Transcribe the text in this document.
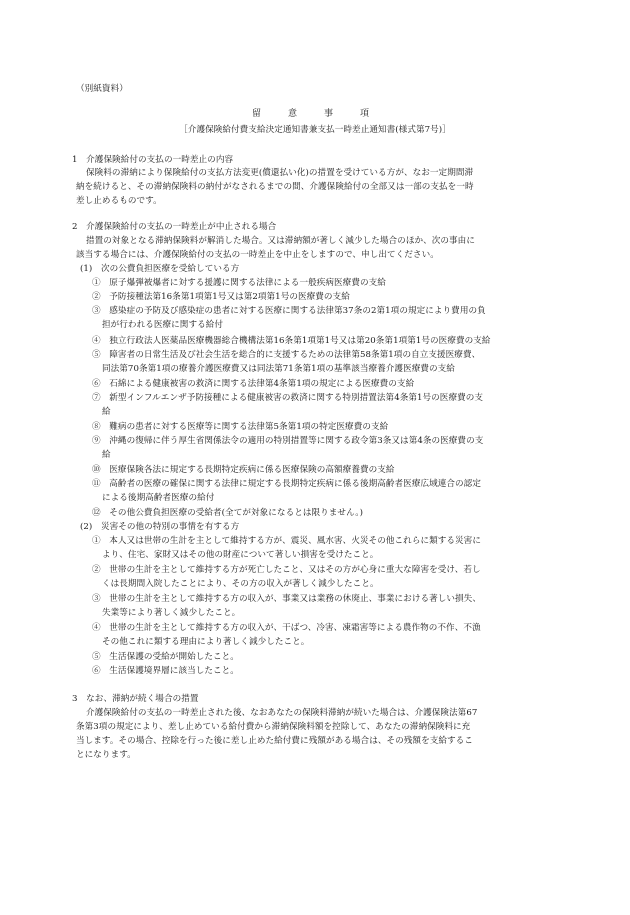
（別紙資料）
留　意　事　項
［介護保険給付費支給決定通知書兼支払一時差止通知書(様式第7号)］
1　介護保険給付の支払の一時差止の内容
保険料の滞納により保険給付の支払方法変更(償還払い化)の措置を受けている方が、なお一定期間滞
納を続けると、その滞納保険料の納付がなされるまでの間、介護保険給付の全部又は一部の支払を一時
差し止めるものです。
2　介護保険給付の支払の一時差止が中止される場合
措置の対象となる滞納保険料が解消した場合。又は滞納額が著しく減少した場合のほか、次の事由に
該当する場合には、介護保険給付の支払の一時差止を中止をしますので、申し出てください。
(1)　次の公費負担医療を受給している方
①　原子爆弾被爆者に対する援護に関する法律による一般疾病医療費の支給
②　予防接種法第16条第1項第1号又は第2項第1号の医療費の支給
③　感染症の予防及び感染症の患者に対する医療に関する法律第37条の2第1項の規定により費用の負
担が行われる医療に関する給付
④　独立行政法人医薬品医療機器総合機構法第16条第1項第1号又は第20条第1項第1号の医療費の支給
⑤　障害者の日常生活及び社会生活を総合的に支援するための法律第58条第1項の自立支援医療費、
同法第70条第1項の療養介護医療費又は同法第71条第1項の基準該当療養介護医療費の支給
⑥　石綿による健康被害の救済に関する法律第4条第1項の規定による医療費の支給
⑦　新型インフルエンザ予防接種による健康被害の救済に関する特別措置法第4条第1号の医療費の支
給
⑧　難病の患者に対する医療等に関する法律第5条第1項の特定医療費の支給
⑨　沖縄の復帰に伴う厚生省関係法令の適用の特別措置等に関する政令第3条又は第4条の医療費の支
給
⑩　医療保険各法に規定する長期特定疾病に係る医療保険の高額療養費の支給
⑪　高齢者の医療の確保に関する法律に規定する長期特定疾病に係る後期高齢者医療広域連合の認定
による後期高齢者医療の給付
⑫　その他公費負担医療の受給者(全てが対象になるとは限りません。)
(2)　災害その他の特別の事情を有する方
①　本人又は世帯の生計を主として維持する方が、震災、風水害、火災その他これらに類する災害に
より、住宅、家財又はその他の財産について著しい損害を受けたこと。
②　世帯の生計を主として維持する方が死亡したこと、又はその方が心身に重大な障害を受け、若し
くは長期間入院したことにより、その方の収入が著しく減少したこと。
③　世帯の生計を主として維持する方の収入が、事業又は業務の休廃止、事業における著しい損失、
失業等により著しく減少したこと。
④　世帯の生計を主として維持する方の収入が、干ばつ、冷害、凍霜害等による農作物の不作、不漁
その他これに類する理由により著しく減少したこと。
⑤　生活保護の受給が開始したこと。
⑥　生活保護境界層に該当したこと。
3　なお、滞納が続く場合の措置
介護保険給付の支払の一時差止された後、なおあなたの保険料滞納が続いた場合は、介護保険法第67
条第3項の規定により、差し止めている給付費から滞納保険料額を控除して、あなたの滞納保険料に充
当します。その場合、控除を行った後に差し止めた給付費に残額がある場合は、その残額を支給するこ
とになります。
